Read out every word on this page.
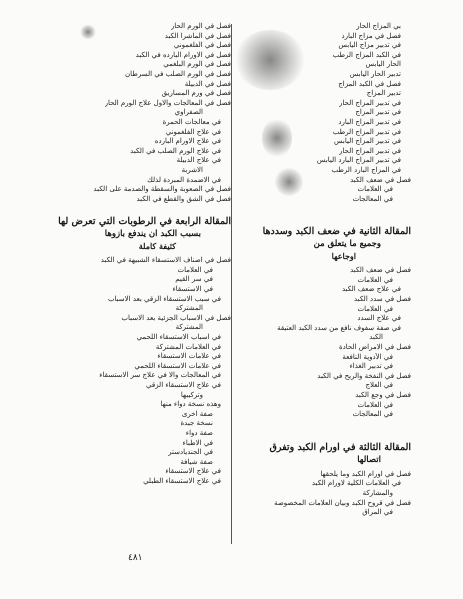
بي المزاج الحار
فصل في مزاج البارد
في تدبير مزاج اليابس
في الكبد المزاج الرطب
الحار اليابس
تدبير الحار اليابس
فصل في الكبد المزاج
تدبير المزاج
في تدبير المزاج الحار
في تدبير المزاج
في تدبير المزاج البارد
في تدبير المزاج الرطب
في تدبير المزاج اليابس
في تدبير المزاج الحار
في تدبير المزاج البارد اليابس
في المزاج البارد الرطب
فصل في ضعف الكبد
في العلامات
في المعالجات
المقالة الثانية في ضعف الكبد وسددها
وجميع ما يتعلق من
اوجاعها
فصل في ضعف الكبد
في العلامات
في علاج ضعف الكبد
فصل في سدد الكبد
في العلامات
في علاج السدد
في صفة سفوف نافع من سدد الكبد العتيقة
الكبد
فصل في الامراض الحادة
في الأدوية النافعة
في تدبير الغذاء
فصل في النفخة والريح في الكبد
في العلاج
فصل في وجع الكبد
في العلامات
في المعالجات
المقالة الثالثة في اورام الكبد وتفرق
اتصالها
فصل في اورام الكبد وما يلحقها
في العلامات الكلية لاورام الكبد
والمشاركة
فصل في قروح الكبد وبيان العلامات المخصوصة
في المراق
فصل في الورم الحار
فصل في الماشرا الكبد
فصل في الفلغموني
فصل في الاورام البارده في الكبد
فصل في الورم البلغمي
فصل في الورم الصلب في السرطان
فصل في الدبيلة
فصل في ورم المساريق
فصل في المعالجات والاول علاج الورم الحار
الصفراوي
في معالجات الحمرة
في علاج الفلغموني
في علاج الاورام البارده
في علاج الورم الصلب في الكبد
في علاج الدبيلة
الاشربة
في الاضمدة المبردة لذلك
فصل في الصعوبة والسقطة والصدمة على الكبد
فصل في الشق والقطع في الكبد
المقالة الرابعة في الرطوبات التي تعرض لها
بسبب الكبد ان يندفع بازوها
كثيفة كاملة
فصل في اصناف الاستسقاء الشبيهة في الكبد
في العلامات
في سر القيم
في الاستسقاء
في سبب الاستسقاء الزقي بعد الاسباب
المشتركة
فصل في الاسباب الجزئية بعد الاسباب
المشتركة
في اسباب الاستسقاء اللحمي
في العلامات المشتركة
في علامات الاستسقاء
في علامات الاستسقاء اللحمي
في المعالجات والا في علاج سر الاستسقاء
في علاج الاستسقاء الزقي
وتركيبها
وهذه نسخة دواء منها
صفة اخرى
نسخة جيدة
صفة دواء
في الاطباء
في الجنديادستر
صفة شيافة
في علاج الاستسقاء
في علاج الاستسقاء الطبلي
٤٨١
